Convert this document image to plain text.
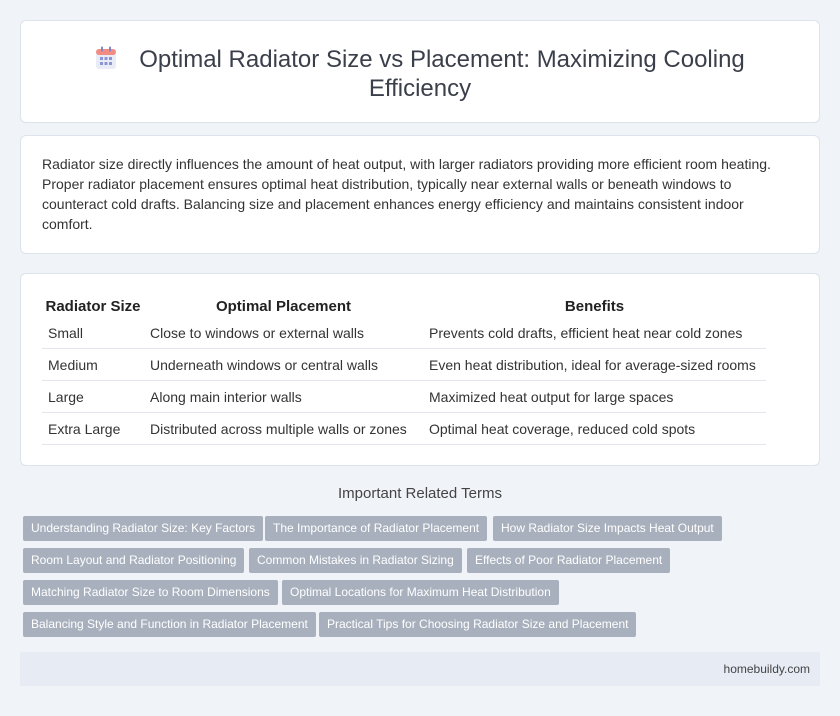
Optimal Radiator Size vs Placement: Maximizing Cooling Efficiency
Radiator size directly influences the amount of heat output, with larger radiators providing more efficient room heating. Proper radiator placement ensures optimal heat distribution, typically near external walls or beneath windows to counteract cold drafts. Balancing size and placement enhances energy efficiency and maintains consistent indoor comfort.
Radiator Size	Optimal Placement	Benefits
Small	Close to windows or external walls	Prevents cold drafts, efficient heat near cold zones
Medium	Underneath windows or central walls	Even heat distribution, ideal for average-sized rooms
Large	Along main interior walls	Maximized heat output for large spaces
Extra Large	Distributed across multiple walls or zones	Optimal heat coverage, reduced cold spots
Important Related Terms
Understanding Radiator Size: Key Factors	The Importance of Radiator Placement	How Radiator Size Impacts Heat Output
Room Layout and Radiator Positioning	Common Mistakes in Radiator Sizing	Effects of Poor Radiator Placement
Matching Radiator Size to Room Dimensions	Optimal Locations for Maximum Heat Distribution
Balancing Style and Function in Radiator Placement	Practical Tips for Choosing Radiator Size and Placement
homebuildy.com
